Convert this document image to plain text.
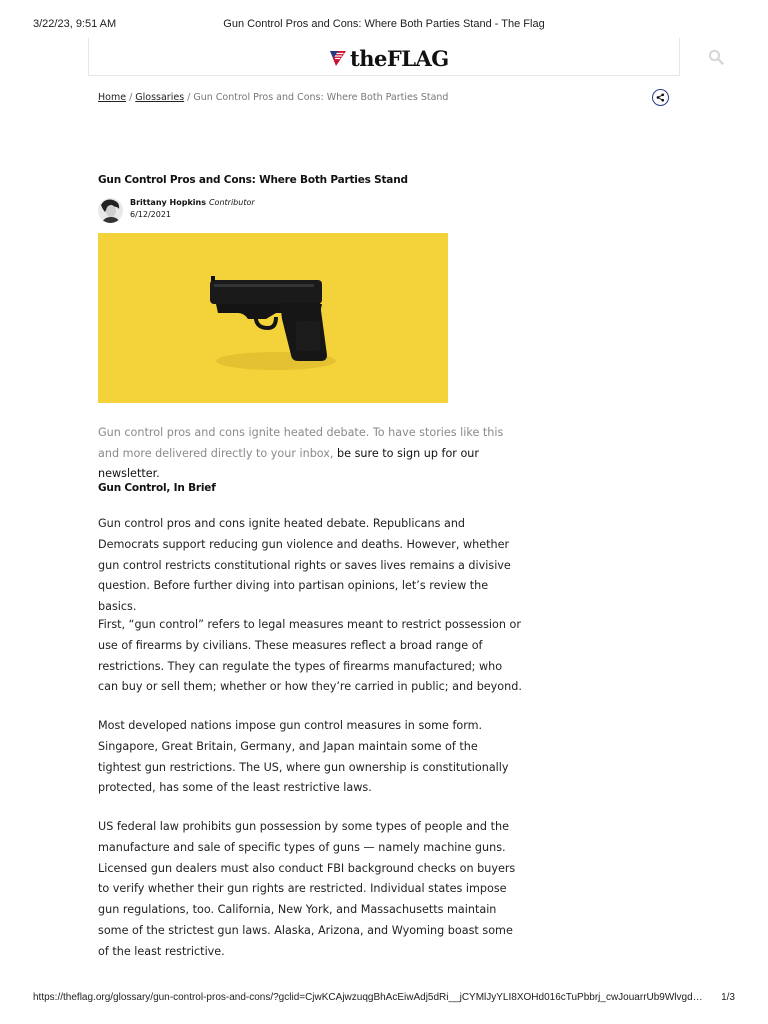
3/22/23, 9:51 AM	Gun Control Pros and Cons: Where Both Parties Stand - The Flag
theFLAG
Home / Glossaries / Gun Control Pros and Cons: Where Both Parties Stand
Gun Control Pros and Cons: Where Both Parties Stand
Brittany Hopkins Contributor
6/12/2021

Gun control pros and cons ignite heated debate. To have stories like this and more delivered directly to your inbox, be sure to sign up for our newsletter.

Gun Control, In Brief

Gun control pros and cons ignite heated debate. Republicans and Democrats support reducing gun violence and deaths. However, whether gun control restricts constitutional rights or saves lives remains a divisive question. Before further diving into partisan opinions, let’s review the basics.

First, “gun control” refers to legal measures meant to restrict possession or use of firearms by civilians. These measures reflect a broad range of restrictions. They can regulate the types of firearms manufactured; who can buy or sell them; whether or how they’re carried in public; and beyond.

Most developed nations impose gun control measures in some form. Singapore, Great Britain, Germany, and Japan maintain some of the tightest gun restrictions. The US, where gun ownership is constitutionally protected, has some of the least restrictive laws.

US federal law prohibits gun possession by some types of people and the manufacture and sale of specific types of guns — namely machine guns. Licensed gun dealers must also conduct FBI background checks on buyers to verify whether their gun rights are restricted. Individual states impose gun regulations, too. California, New York, and Massachusetts maintain some of the strictest gun laws. Alaska, Arizona, and Wyoming boast some of the least restrictive.

https://theflag.org/glossary/gun-control-pros-and-cons/?gclid=CjwKCAjwzuqgBhAcEiwAdj5dRi__jCYMlJyYLI8XOHd016cTuPbbrj_cwJouarrUb9Wlvgd…	1/3
